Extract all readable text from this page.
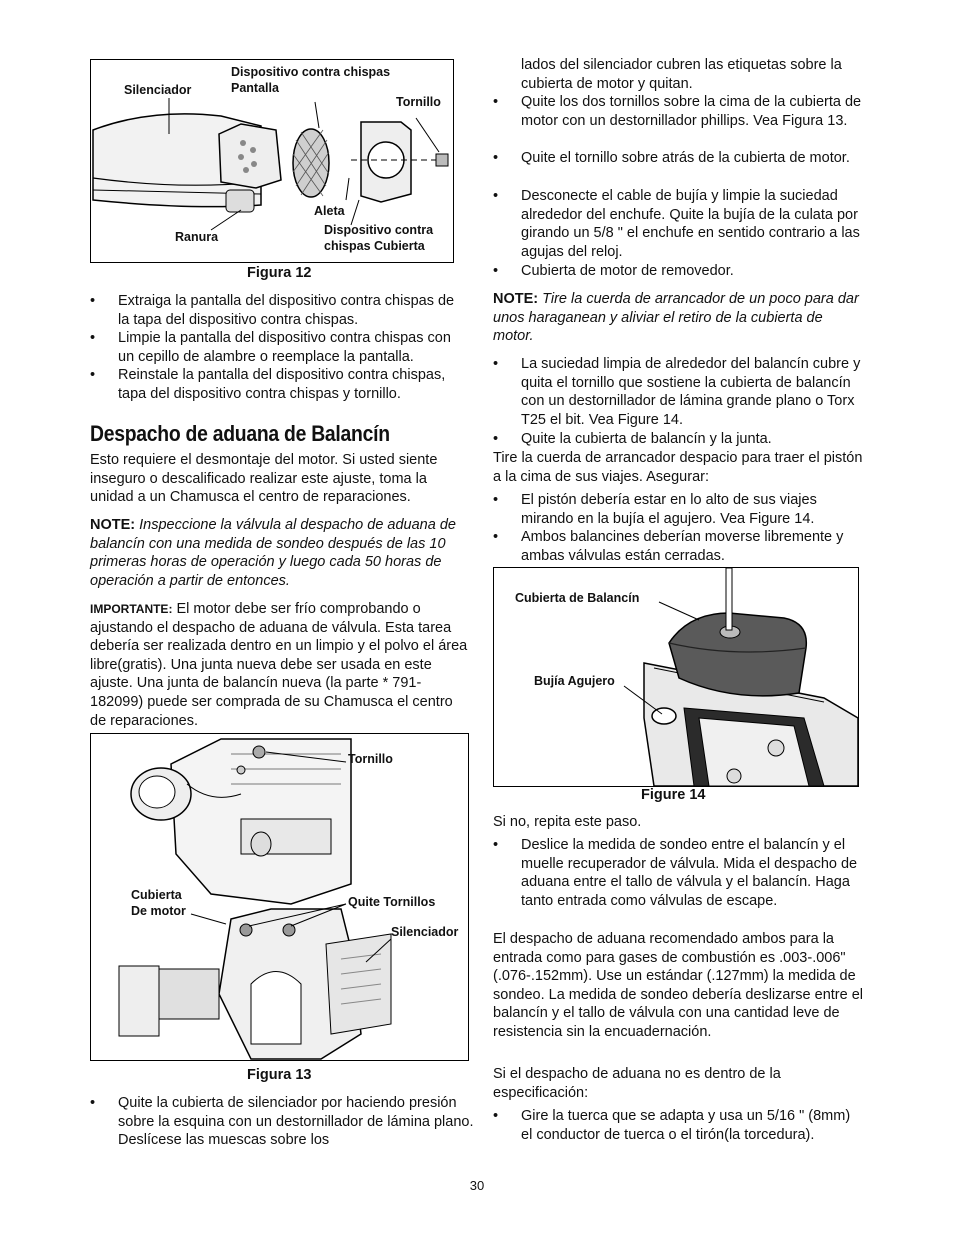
Silenciador
Dispositivo contra chispas
Pantalla
Tornillo
Aleta
Ranura	Dispositivo contra
chispas Cubierta
Figura 12
• Extraiga la pantalla del dispositivo contra chispas de la tapa del dispositivo contra chispas.
• Limpie la pantalla del dispositivo contra chispas con un cepillo de alambre o reemplace la pantalla.
• Reinstale la pantalla del dispositivo contra chispas, tapa del dispositivo contra chispas y tornillo.
Despacho de aduana de Balancín
Esto requiere el desmontaje del motor. Si usted siente inseguro o descalificado realizar este ajuste, toma la unidad a un Chamusca el centro de reparaciones.
NOTE: Inspeccione la válvula al despacho de aduana de balancín con una medida de sondeo después de las 10 primeras horas de operación y luego cada 50 horas de operación a partir de entonces.
IMPORTANTE: El motor debe ser frío comprobando o ajustando el despacho de aduana de válvula. Esta tarea debería ser realizada dentro en un limpio y el polvo el área libre(gratis). Una junta nueva debe ser usada en este ajuste. Una junta de balancín nueva (la parte * 791-182099) puede ser comprada de su Chamusca el centro de reparaciones.
Tornillo
Cubierta
De motor
Quite Tornillos
Silenciador
Figura 13
• Quite la cubierta de silenciador por haciendo presión sobre la esquina con un destornillador de lámina plano. Deslícese las muescas sobre los
lados del silenciador cubren las etiquetas sobre la cubierta de motor y quitan.
• Quite los dos tornillos sobre la cima de la cubierta de motor con un destornillador phillips. Vea Figura 13.
• Quite el tornillo sobre atrás de la cubierta de motor.
• Desconecte el cable de bujía y limpie la suciedad alrededor del enchufe. Quite la bujía de la culata por girando un 5/8 " el enchufe en sentido contrario a las agujas del reloj.
• Cubierta de motor de removedor.
NOTE: Tire la cuerda de arrancador de un poco para dar unos haraganean y aliviar el retiro de la cubierta de motor.
• La suciedad limpia de alrededor del balancín cubre y quita el tornillo que sostiene la cubierta de balancín con un destornillador de lámina grande plano o Torx T25 el bit. Vea Figure 14.
• Quite la cubierta de balancín y la junta.
Tire la cuerda de arrancador despacio para traer el pistón a la cima de sus viajes. Asegurar:
• El pistón debería estar en lo alto de sus viajes mirando en la bujía el agujero. Vea Figure 14.
• Ambos balancines deberían moverse libremente y ambas válvulas están cerradas.
Cubierta de Balancín
Bujía Agujero
Figure 14
Si no, repita este paso.
• Deslice la medida de sondeo entre el balancín y el muelle recuperador de válvula. Mida el despacho de aduana entre el tallo de válvula y el balancín. Haga tanto entrada como válvulas de escape.
El despacho de aduana recomendado ambos para la entrada como para gases de combustión es .003-.006" (.076-.152mm). Use un estándar (.127mm) la medida de sondeo. La medida de sondeo debería deslizarse entre el balancín y el tallo de válvula con una cantidad leve de resistencia sin la encuadernación.
Si el despacho de aduana no es dentro de la especificación:
• Gire la tuerca que se adapta y usa un 5/16 " (8mm) el conductor de tuerca o el tirón(la torcedura).
30
